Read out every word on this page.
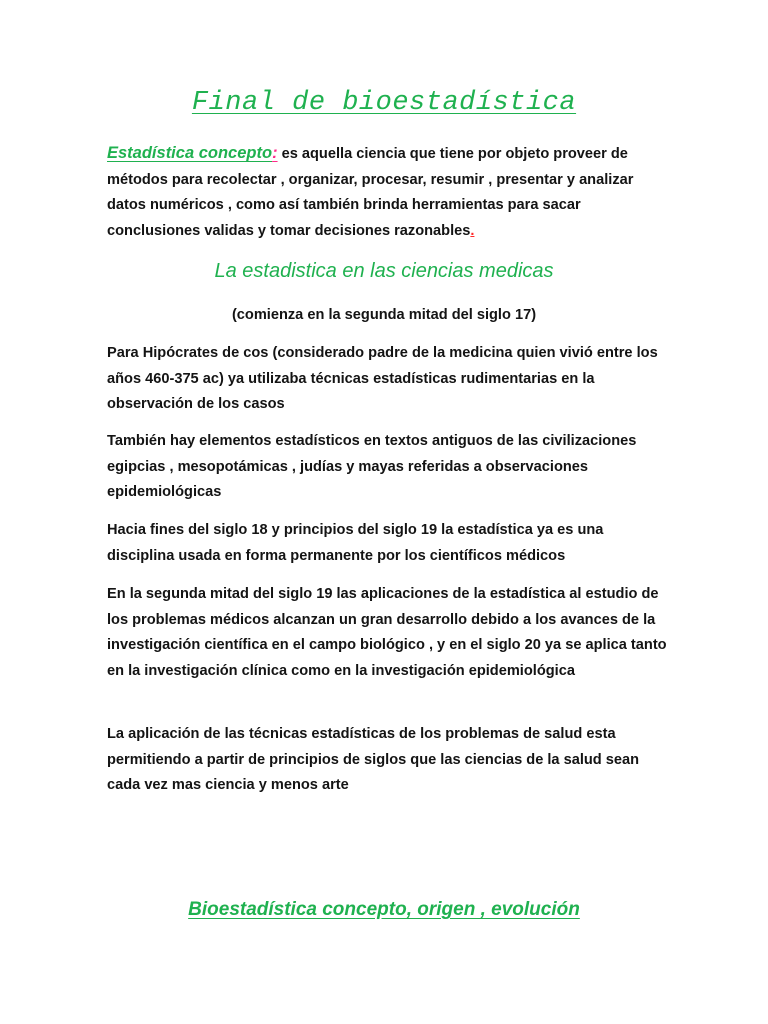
Final de bioestadística

Estadística concepto: es aquella ciencia que tiene por objeto proveer de métodos para recolectar , organizar, procesar, resumir , presentar y analizar datos numéricos , como así también brinda herramientas para sacar conclusiones validas y tomar decisiones razonables.

La estadistica en las ciencias medicas
(comienza en la segunda mitad del siglo 17)

Para Hipócrates de cos (considerado padre de la medicina quien vivió entre los años 460-375 ac) ya utilizaba técnicas estadísticas rudimentarias en la observación de los casos

También hay elementos estadísticos en textos antiguos de las civilizaciones egipcias , mesopotámicas , judías y mayas referidas a observaciones epidemiológicas

Hacia fines del siglo 18 y principios del siglo 19 la estadística ya es una disciplina usada en forma permanente por los científicos médicos

En la segunda mitad del siglo 19 las aplicaciones de la estadística al estudio de los problemas médicos alcanzan un gran desarrollo debido a los avances de la investigación científica en el campo biológico , y en el siglo 20 ya se aplica tanto en la investigación clínica como en la investigación epidemiológica

La aplicación de las técnicas estadísticas de los problemas de salud esta permitiendo a partir de principios de siglos que las ciencias de la salud sean cada vez mas ciencia y menos arte

Bioestadística concepto, origen , evolución
